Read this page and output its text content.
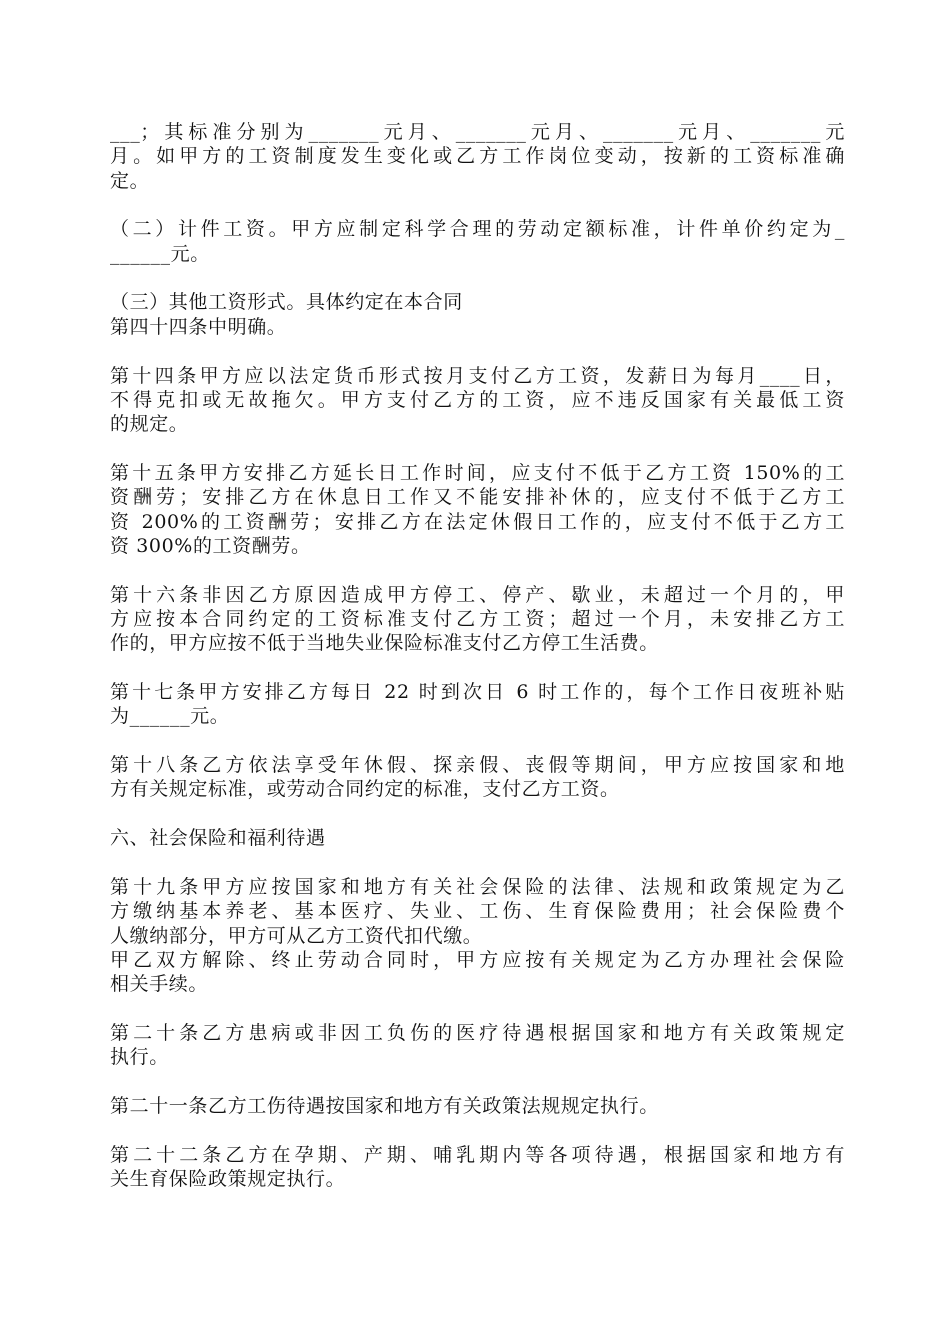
___；其标准分别为_______元月、_______元月、_______元月、_______元
月。如甲方的工资制度发生变化或乙方工作岗位变动，按新的工资标准确
定。
（二）计件工资。甲方应制定科学合理的劳动定额标准，计件单价约定为_
______元。
（三）其他工资形式。具体约定在本合同
第四十四条中明确。
第十四条甲方应以法定货币形式按月支付乙方工资，发薪日为每月____日，
不得克扣或无故拖欠。甲方支付乙方的工资，应不违反国家有关最低工资
的规定。
第十五条甲方安排乙方延长日工作时间，应支付不低于乙方工资 150%的工
资酬劳；安排乙方在休息日工作又不能安排补休的，应支付不低于乙方工
资 200%的工资酬劳；安排乙方在法定休假日工作的，应支付不低于乙方工
资 300%的工资酬劳。
第十六条非因乙方原因造成甲方停工、停产、歇业，未超过一个月的，甲
方应按本合同约定的工资标准支付乙方工资；超过一个月，未安排乙方工
作的，甲方应按不低于当地失业保险标准支付乙方停工生活费。
第十七条甲方安排乙方每日 22 时到次日 6 时工作的，每个工作日夜班补贴
为______元。
第十八条乙方依法享受年休假、探亲假、丧假等期间，甲方应按国家和地
方有关规定标准，或劳动合同约定的标准，支付乙方工资。
六、社会保险和福利待遇
第十九条甲方应按国家和地方有关社会保险的法律、法规和政策规定为乙
方缴纳基本养老、基本医疗、失业、工伤、生育保险费用；社会保险费个
人缴纳部分，甲方可从乙方工资代扣代缴。
甲乙双方解除、终止劳动合同时，甲方应按有关规定为乙方办理社会保险
相关手续。
第二十条乙方患病或非因工负伤的医疗待遇根据国家和地方有关政策规定
执行。
第二十一条乙方工伤待遇按国家和地方有关政策法规规定执行。
第二十二条乙方在孕期、产期、哺乳期内等各项待遇，根据国家和地方有
关生育保险政策规定执行。
